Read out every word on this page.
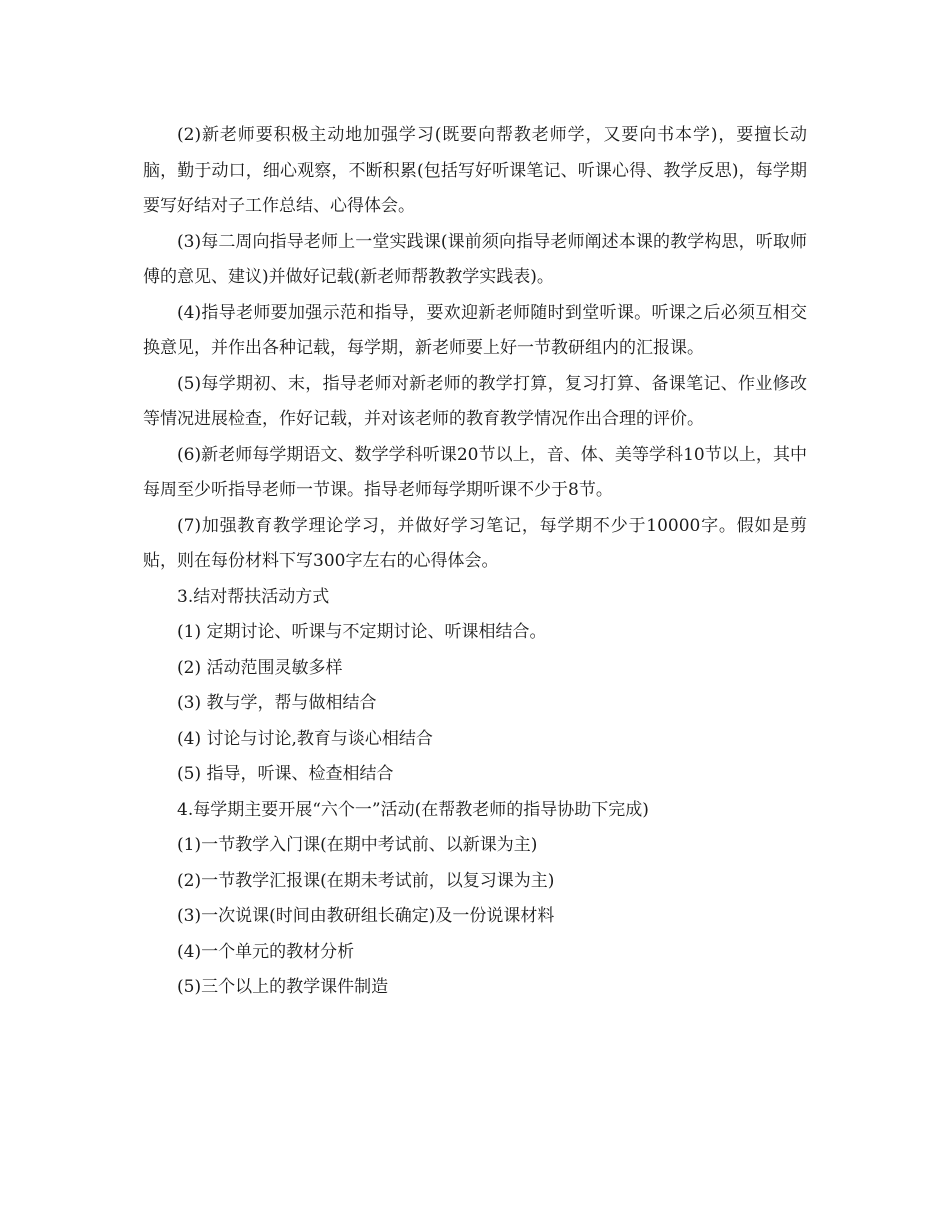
(2)新老师要积极主动地加强学习(既要向帮教老师学，又要向书本学)，要擅长动脑，勤于动口，细心观察，不断积累(包括写好听课笔记、听课心得、教学反思)，每学期要写好结对子工作总结、心得体会。

(3)每二周向指导老师上一堂实践课(课前须向指导老师阐述本课的教学构思，听取师傅的意见、建议)并做好记载(新老师帮教教学实践表)。

(4)指导老师要加强示范和指导，要欢迎新老师随时到堂听课。听课之后必须互相交换意见，并作出各种记载，每学期，新老师要上好一节教研组内的汇报课。

(5)每学期初、末，指导老师对新老师的教学打算，复习打算、备课笔记、作业修改等情况进展检查，作好记载，并对该老师的教育教学情况作出合理的评价。

(6)新老师每学期语文、数学学科听课20节以上，音、体、美等学科10节以上，其中每周至少听指导老师一节课。指导老师每学期听课不少于8节。

(7)加强教育教学理论学习，并做好学习笔记，每学期不少于10000字。假如是剪贴，则在每份材料下写300字左右的心得体会。

3.结对帮扶活动方式

(1) 定期讨论、听课与不定期讨论、听课相结合。

(2) 活动范围灵敏多样

(3) 教与学，帮与做相结合

(4) 讨论与讨论,教育与谈心相结合

(5) 指导，听课、检查相结合

4.每学期主要开展“六个一”活动(在帮教老师的指导协助下完成)

(1)一节教学入门课(在期中考试前、以新课为主)

(2)一节教学汇报课(在期未考试前，以复习课为主)

(3)一次说课(时间由教研组长确定)及一份说课材料

(4)一个单元的教材分析

(5)三个以上的教学课件制造
